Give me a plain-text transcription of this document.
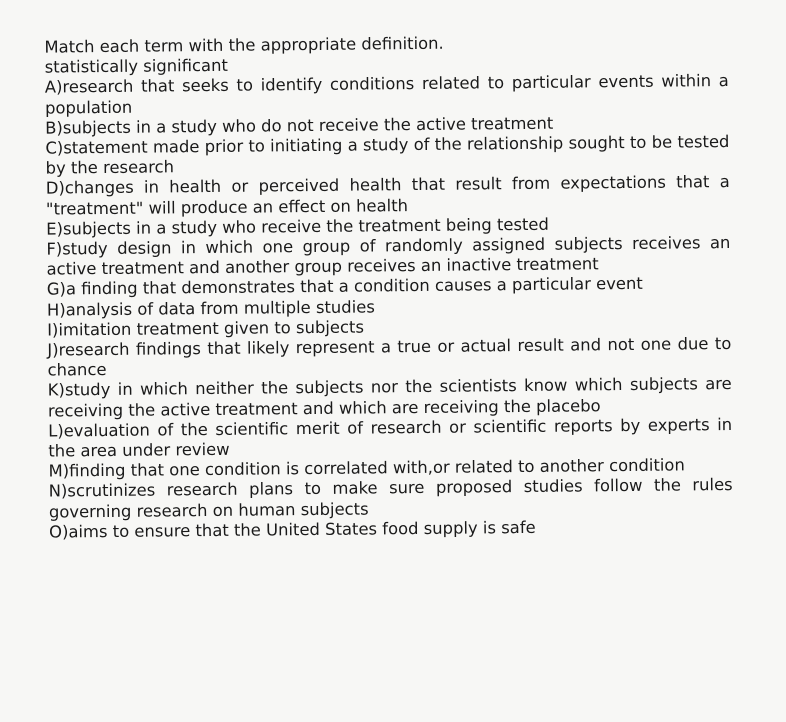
Match each term with the appropriate definition.
statistically significant
A)research that seeks to identify conditions related to particular events within a population
B)subjects in a study who do not receive the active treatment
C)statement made prior to initiating a study of the relationship sought to be tested by the research
D)changes in health or perceived health that result from expectations that a "treatment" will produce an effect on health
E)subjects in a study who receive the treatment being tested
F)study design in which one group of randomly assigned subjects receives an active treatment and another group receives an inactive treatment
G)a finding that demonstrates that a condition causes a particular event
H)analysis of data from multiple studies
I)imitation treatment given to subjects
J)research findings that likely represent a true or actual result and not one due to chance
K)study in which neither the subjects nor the scientists know which subjects are receiving the active treatment and which are receiving the placebo
L)evaluation of the scientific merit of research or scientific reports by experts in the area under review
M)finding that one condition is correlated with,or related to another condition
N)scrutinizes research plans to make sure proposed studies follow the rules governing research on human subjects
O)aims to ensure that the United States food supply is safe
